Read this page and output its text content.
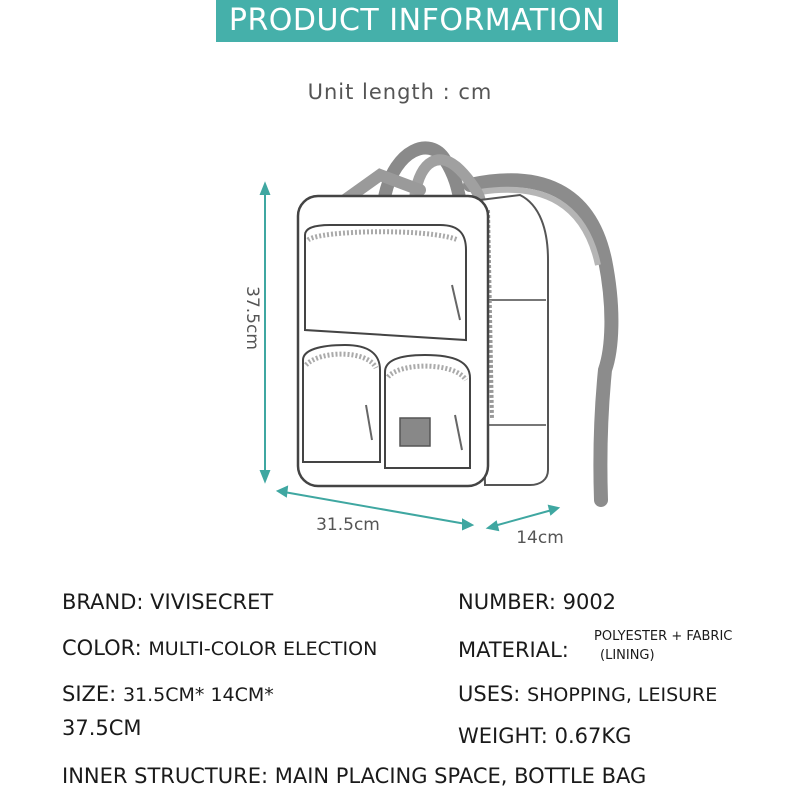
PRODUCT INFORMATION
Unit length : cm
37.5cm
31.5cm
14cm
BRAND: VIVISECRET	NUMBER: 9002
COLOR: MULTI-COLOR ELECTION	MATERIAL:
POLYESTER + FABRIC
(LINING)
SIZE: 31.5CM* 14CM*
37.5CM
USES: SHOPPING, LEISURE
WEIGHT: 0.67KG
INNER STRUCTURE: MAIN PLACING SPACE, BOTTLE BAG
